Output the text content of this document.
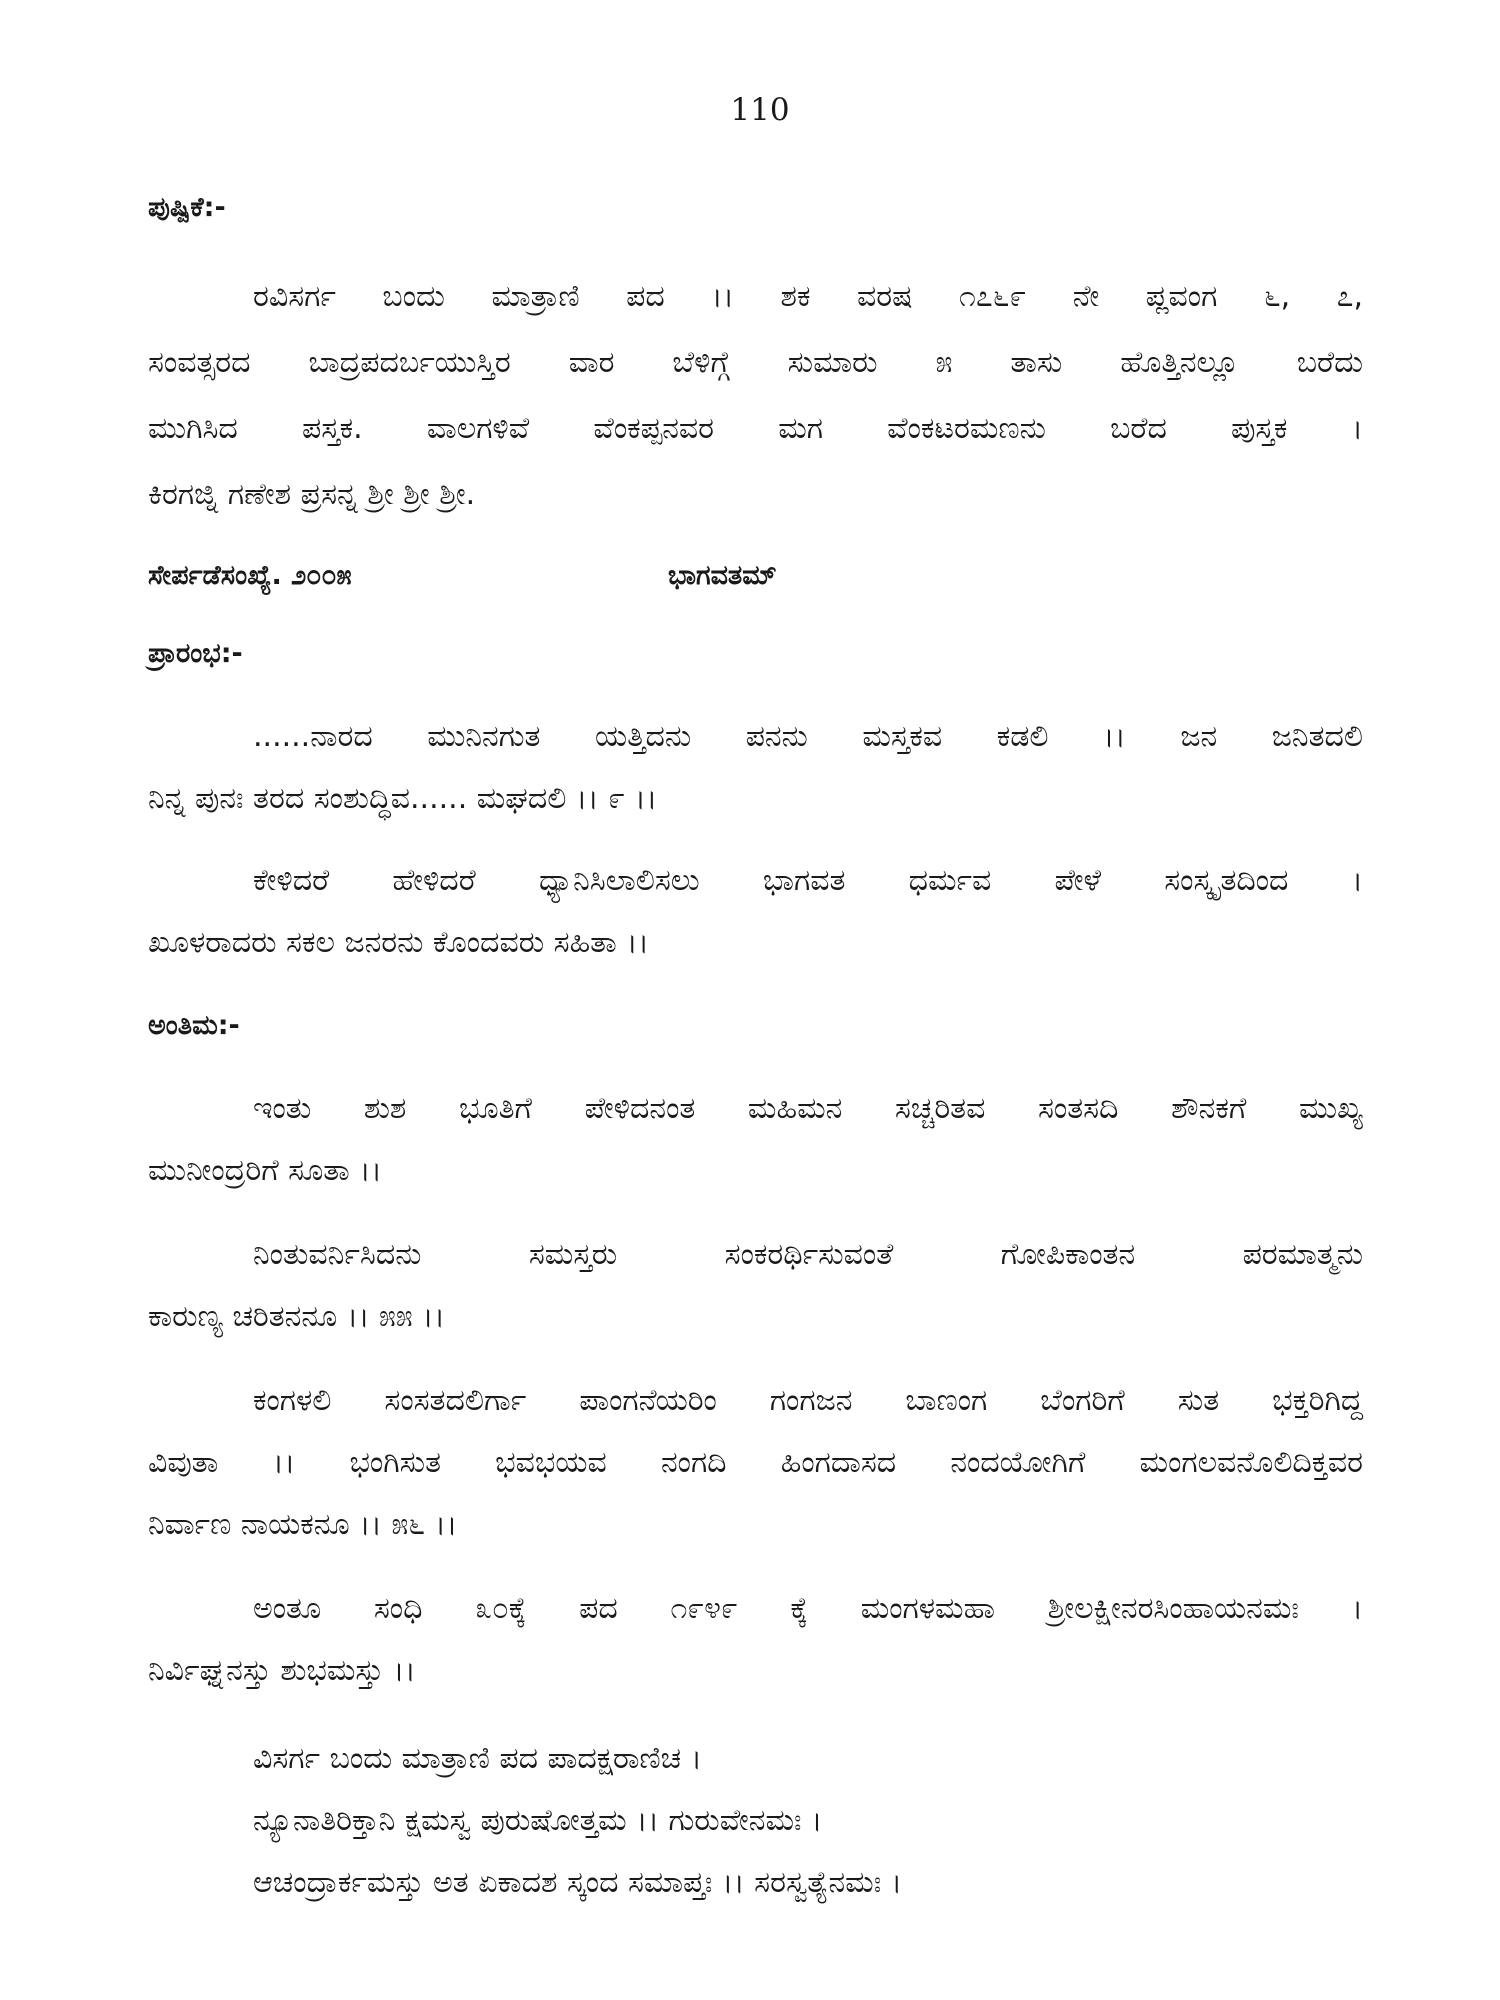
110
ಪುಷ್ಪಿಕೆ:-
ರವಿಸರ್ಗ ಬಂದು ಮಾತ್ರಾಣಿ ಪದ ।। ಶಕ ವರಷ ೧೭೬೯ ನೇ ಪ್ಲವಂಗ ೬, ೭,
ಸಂವತ್ಸರದ ಬಾದ್ರಪದರ್ಬಯುಸ್ತಿರ ವಾರ ಬೆಳಿಗ್ಗೆ ಸುಮಾರು ೫ ತಾಸು ಹೊತ್ತಿನಲ್ಲೂ ಬರೆದು
ಮುಗಿಸಿದ ಪಸ್ತಕ. ವಾಲಗಳಿವೆ ವೆಂಕಪ್ಪನವರ ಮಗ ವೆಂಕಟರಮಣನು ಬರೆದ ಪುಸ್ತಕ ।
ಕಿರಗಜ್ನಿ ಗಣೇಶ ಪ್ರಸನ್ನ ಶ್ರೀ ಶ್ರೀ ಶ್ರೀ.
ಸೇರ್ಪಡೆಸಂಖ್ಯೆ. ೨೦೦೫	ಭಾಗವತಮ್
ಪ್ರಾರಂಭ:-
......ನಾರದ ಮುನಿನಗುತ ಯತ್ತಿದನು ಪನನು ಮಸ್ತಕವ ಕಡಲಿ ।। ಜನ ಜನಿತದಲಿ
ನಿನ್ನ ಪುನಃ ತರದ ಸಂಶುದ್ಧಿವ...... ಮಘದಲಿ ।। ೯ ।।
ಕೇಳಿದರೆ ಹೇಳಿದರೆ ಧ್ಯಾನಿಸಿಲಾಲಿಸಲು ಭಾಗವತ ಧರ್ಮವ ಪೇಳೆ ಸಂಸ್ಕೃತದಿಂದ ।
ಖೂಳರಾದರು ಸಕಲ ಜನರನು ಕೊಂದವರು ಸಹಿತಾ ।।
ಅಂತಿಮ:-
ಇಂತು ಶುಶ ಭೂತಿಗೆ ಪೇಳಿದನಂತ ಮಹಿಮನ ಸಚ್ಚರಿತವ ಸಂತಸದಿ ಶೌನಕಗೆ ಮುಖ್ಯ
ಮುನೀಂದ್ರರಿಗೆ ಸೂತಾ ।।
ನಿಂತುವರ್ನಿಸಿದನು ಸಮಸ್ತರು ಸಂಕರರ್ಥಿಸುವಂತೆ ಗೋಪಿಕಾಂತನ ಪರಮಾತ್ಮನು
ಕಾರುಣ್ಯ ಚರಿತನನೂ ।। ೫೫ ।।
ಕಂಗಳಲಿ ಸಂಸತದಲಿರ್ಗಾ ಪಾಂಗನೆಯರಿಂ ಗಂಗಜನ ಬಾಣಂಗ ಬೆಂಗರಿಗೆ ಸುತ ಭಕ್ತರಿಗಿದ್ದ
ವಿವುತಾ ।। ಭಂಗಿಸುತ ಭವಭಯವ ನಂಗದಿ ಹಿಂಗದಾಸದ ನಂದಯೋಗಿಗೆ ಮಂಗಲವನೊಲಿದಿಕ್ತವರ
ನಿರ್ವಾಣ ನಾಯಕನೂ ।। ೫೬ ।।
ಅಂತೂ ಸಂಧಿ ೩೦ಕ್ಕೆ ಪದ ೧೯೪೯ ಕ್ಕೆ ಮಂಗಳಮಹಾ ಶ್ರೀಲಕ್ಷೀನರಸಿಂಹಾಯನಮಃ ।
ನಿರ್ವಿಘ್ನನಸ್ತು ಶುಭಮಸ್ತು ।।
ವಿಸರ್ಗ ಬಂದು ಮಾತ್ರಾಣಿ ಪದ ಪಾದಕ್ಷರಾಣಿಚ ।
ನ್ಯೂನಾತಿರಿಕ್ತಾನಿ ಕ್ಷಮಸ್ವ ಪುರುಷೋತ್ತಮ ।। ಗುರುವೇನಮಃ ।
ಆಚಂದ್ರಾರ್ಕಮಸ್ತು ಅತ ಏಕಾದಶ ಸ್ಕಂದ ಸಮಾಪ್ತಃ ।। ಸರಸ್ವತ್ಯೆನಮಃ ।
